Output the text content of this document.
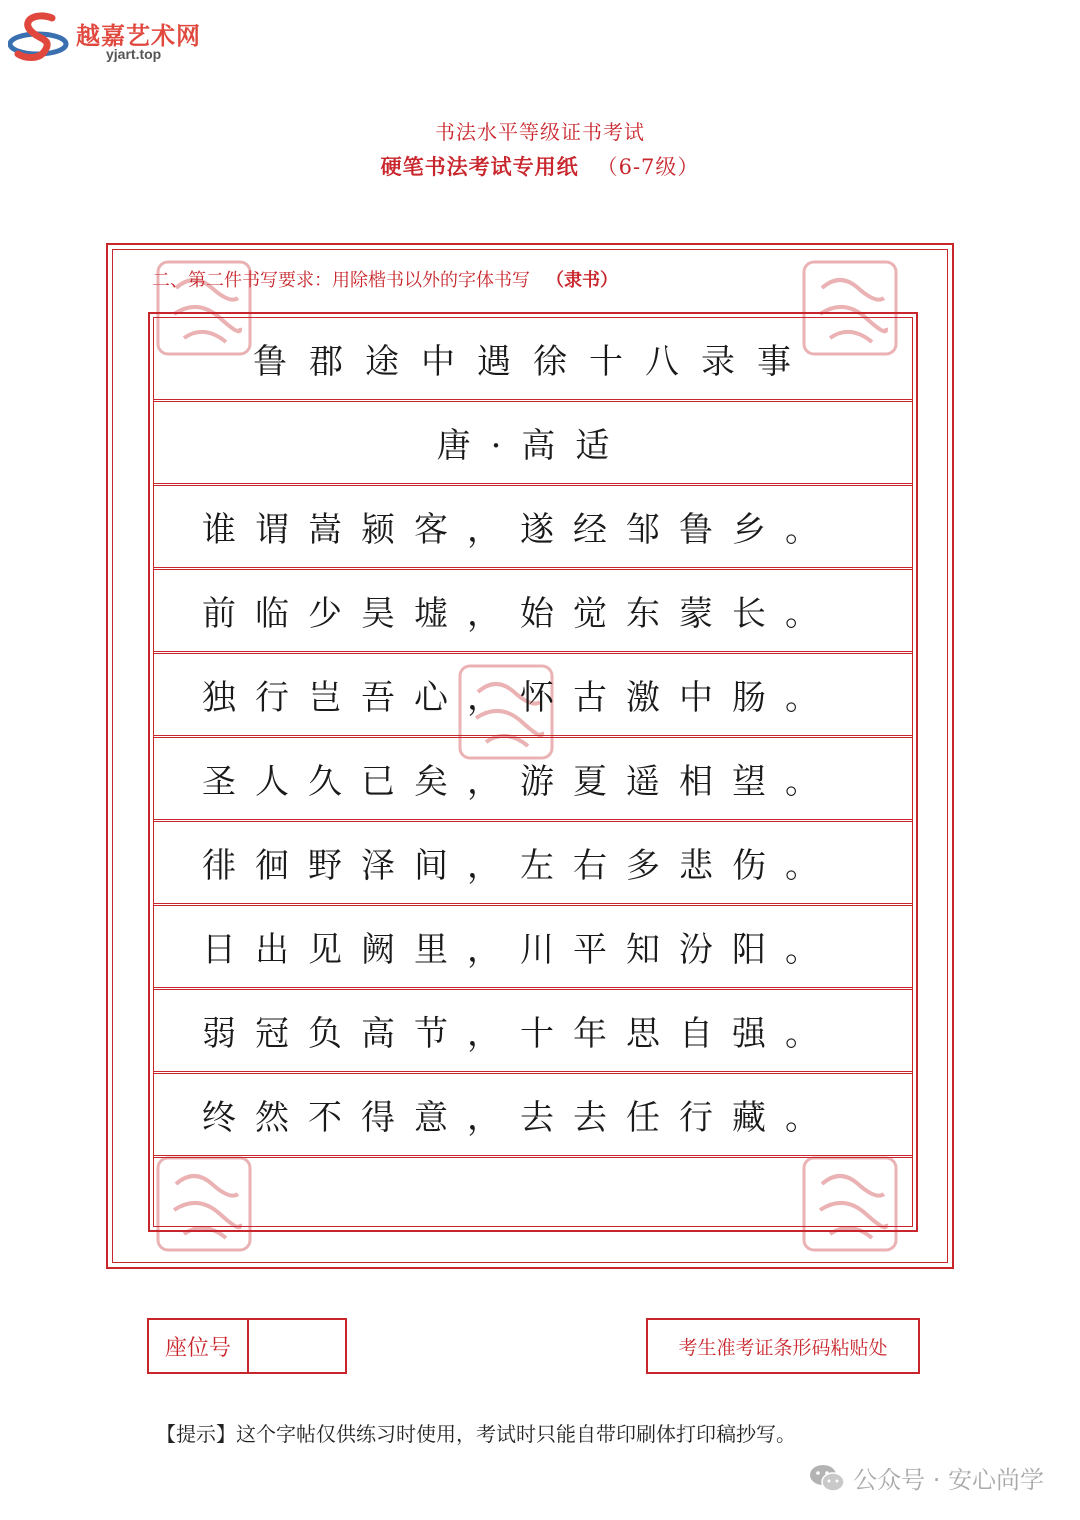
越嘉艺术网
yjart.top
书法水平等级证书考试
硬笔书法考试专用纸 （6-7级）
二、第二件书写要求：用除楷书以外的字体书写 （隶书）
鲁郡途中遇徐十八录事
唐·高适
谁谓嵩颍客，遂经邹鲁乡。
前临少昊墟，始觉东蒙长。
独行岂吾心，怀古激中肠。
圣人久已矣，游夏遥相望。
徘徊野泽间，左右多悲伤。
日出见阙里，川平知汾阳。
弱冠负高节，十年思自强。
终然不得意，去去任行藏。
座位号	考生准考证条形码粘贴处
【提示】这个字帖仅供练习时使用，考试时只能自带印刷体打印稿抄写。
公众号 · 安心尚学
